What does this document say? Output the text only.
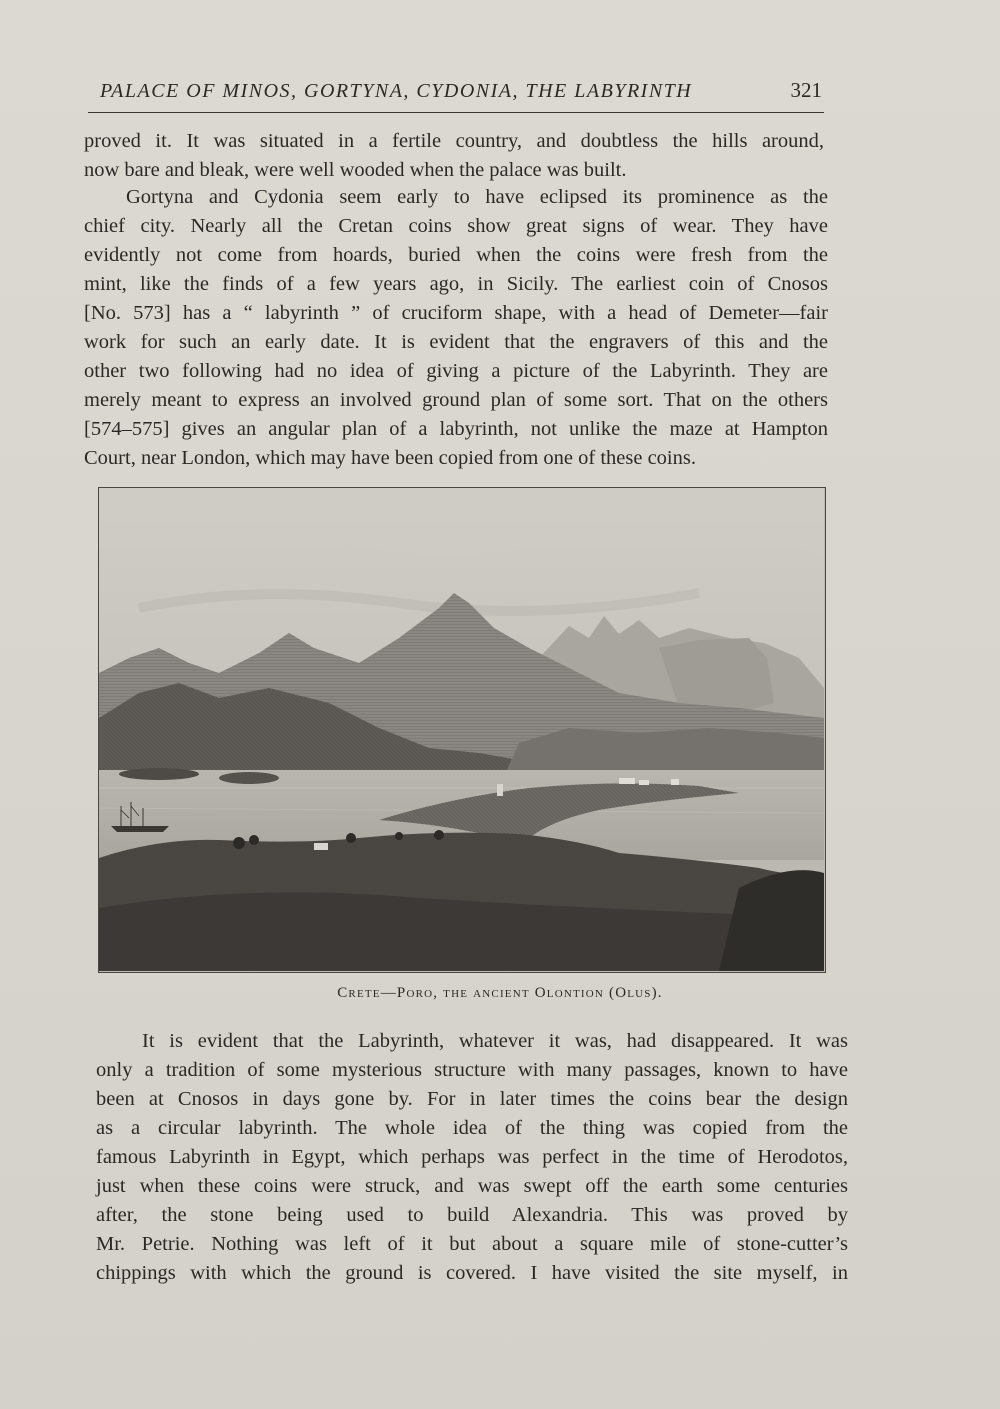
PALACE OF MINOS, GORTYNA, CYDONIA, THE LABYRINTH	321
proved it. It was situated in a fertile country, and doubtless the hills around,
now bare and bleak, were well wooded when the palace was built.
Gortyna and Cydonia seem early to have eclipsed its prominence as the
chief city. Nearly all the Cretan coins show great signs of wear. They have
evidently not come from hoards, buried when the coins were fresh from the
mint, like the finds of a few years ago, in Sicily. The earliest coin of Cnosos
[No. 573] has a “ labyrinth ” of cruciform shape, with a head of Demeter—fair
work for such an early date. It is evident that the engravers of this and the
other two following had no idea of giving a picture of the Labyrinth. They are
merely meant to express an involved ground plan of some sort. That on the others
[574–575] gives an angular plan of a labyrinth, not unlike the maze at Hampton
Court, near London, which may have been copied from one of these coins.
Crete—Poro, the ancient Olontion (Olus).
It is evident that the Labyrinth, whatever it was, had disappeared. It was
only a tradition of some mysterious structure with many passages, known to have
been at Cnosos in days gone by. For in later times the coins bear the design
as a circular labyrinth. The whole idea of the thing was copied from the
famous Labyrinth in Egypt, which perhaps was perfect in the time of Herodotos,
just when these coins were struck, and was swept off the earth some centuries
after, the stone being used to build Alexandria. This was proved by
Mr. Petrie. Nothing was left of it but about a square mile of stone-cutter’s
chippings with which the ground is covered. I have visited the site myself, in
